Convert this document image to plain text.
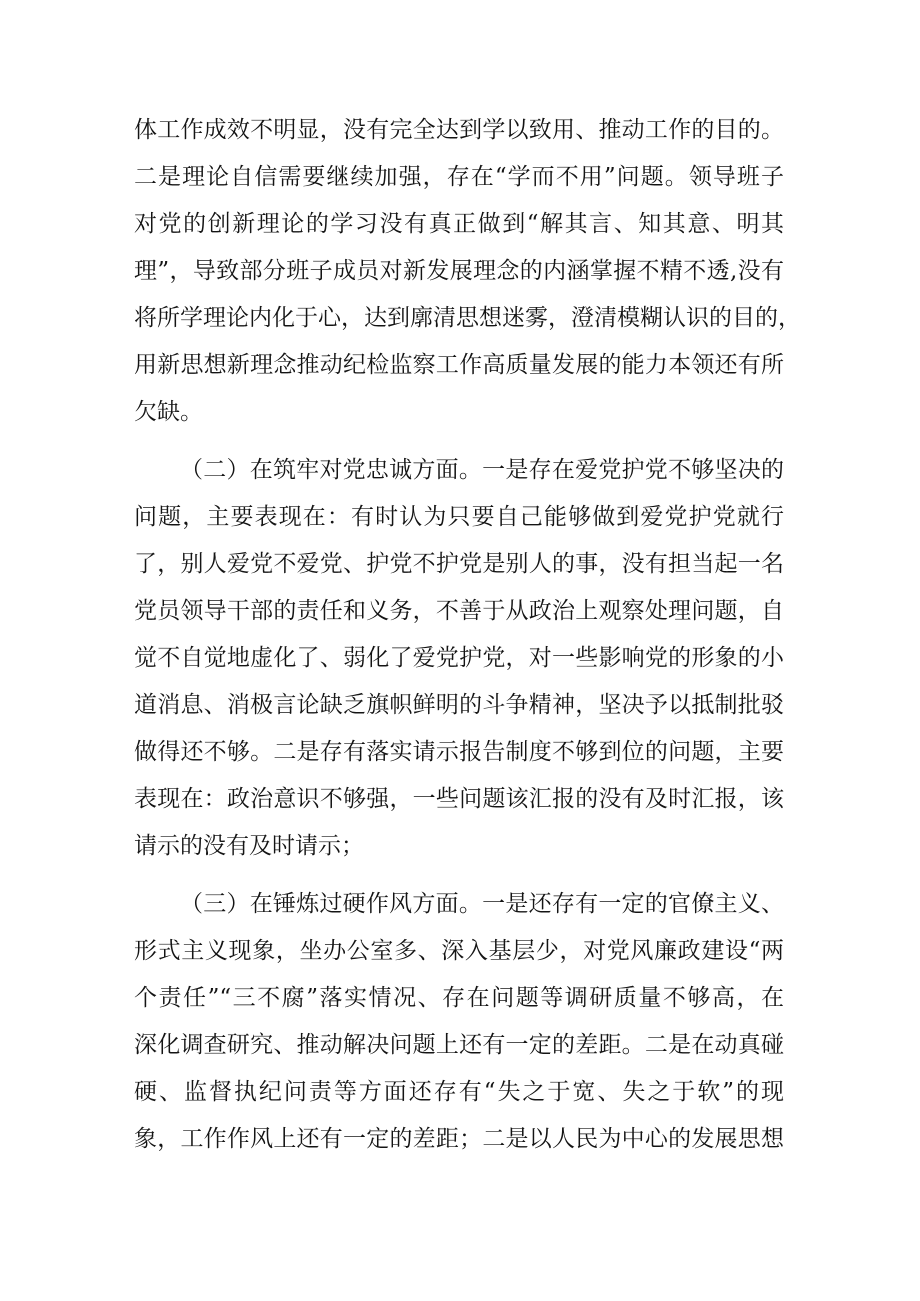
体工作成效不明显，没有完全达到学以致用、推动工作的目的。
二是理论自信需要继续加强，存在“学而不用”问题。领导班子
对党的创新理论的学习没有真正做到“解其言、知其意、明其
理”，导致部分班子成员对新发展理念的内涵掌握不精不透,没有
将所学理论内化于心，达到廓清思想迷雾，澄清模糊认识的目的，
用新思想新理念推动纪检监察工作高质量发展的能力本领还有所
欠缺。
（二）在筑牢对党忠诚方面。一是存在爱党护党不够坚决的
问题，主要表现在：有时认为只要自己能够做到爱党护党就行
了，别人爱党不爱党、护党不护党是别人的事，没有担当起一名
党员领导干部的责任和义务，不善于从政治上观察处理问题，自
觉不自觉地虚化了、弱化了爱党护党，对一些影响党的形象的小
道消息、消极言论缺乏旗帜鲜明的斗争精神，坚决予以抵制批驳
做得还不够。二是存有落实请示报告制度不够到位的问题，主要
表现在：政治意识不够强，一些问题该汇报的没有及时汇报，该
请示的没有及时请示；
（三）在锤炼过硬作风方面。一是还存有一定的官僚主义、
形式主义现象，坐办公室多、深入基层少，对党风廉政建设“两
个责任”“三不腐”落实情况、存在问题等调研质量不够高，在
深化调查研究、推动解决问题上还有一定的差距。二是在动真碰
硬、监督执纪问责等方面还存有“失之于宽、失之于软”的现
象，工作作风上还有一定的差距；二是以人民为中心的发展思想
